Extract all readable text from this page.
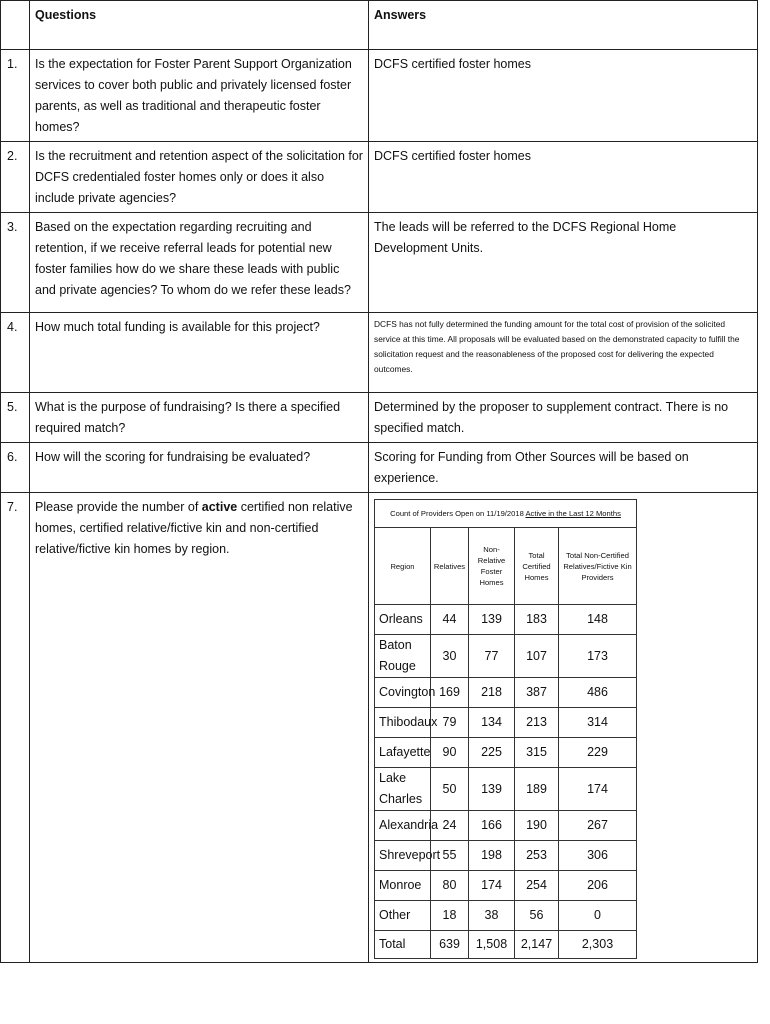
	Questions	Answers
1.	Is the expectation for Foster Parent Support Organization services to cover both public and privately licensed foster parents, as well as traditional and therapeutic foster homes?	DCFS certified foster homes
2.	Is the recruitment and retention aspect of the solicitation for DCFS credentialed foster homes only or does it also include private agencies?	DCFS certified foster homes
3.	Based on the expectation regarding recruiting and retention, if we receive referral leads for potential new foster families how do we share these leads with public and private agencies? To whom do we refer these leads?	The leads will be referred to the DCFS Regional Home Development Units.
4.	How much total funding is available for this project?	DCFS has not fully determined the funding amount for the total cost of provision of the solicited service at this time. All proposals will be evaluated based on the demonstrated capacity to fulfill the solicitation request and the reasonableness of the proposed cost for delivering the expected outcomes.
5.	What is the purpose of fundraising? Is there a specified required match?	Determined by the proposer to supplement contract. There is no specified match.
6.	How will the scoring for fundraising be evaluated?	Scoring for Funding from Other Sources will be based on experience.
7.	Please provide the number of active certified non relative homes, certified relative/fictive kin and non-certified relative/fictive kin homes by region.	
Count of Providers Open on 11/19/2018 Active in the Last 12 Months
Region	Relatives	Non-Relative Foster Homes	Total Certified Homes	Total Non-Certified Relatives/Fictive Kin Providers
Orleans	44	139	183	148
Baton Rouge	30	77	107	173
Covington	169	218	387	486
Thibodaux	79	134	213	314
Lafayette	90	225	315	229
Lake Charles	50	139	189	174
Alexandria	24	166	190	267
Shreveport	55	198	253	306
Monroe	80	174	254	206
Other	18	38	56	0
Total	639	1,508	2,147	2,303
